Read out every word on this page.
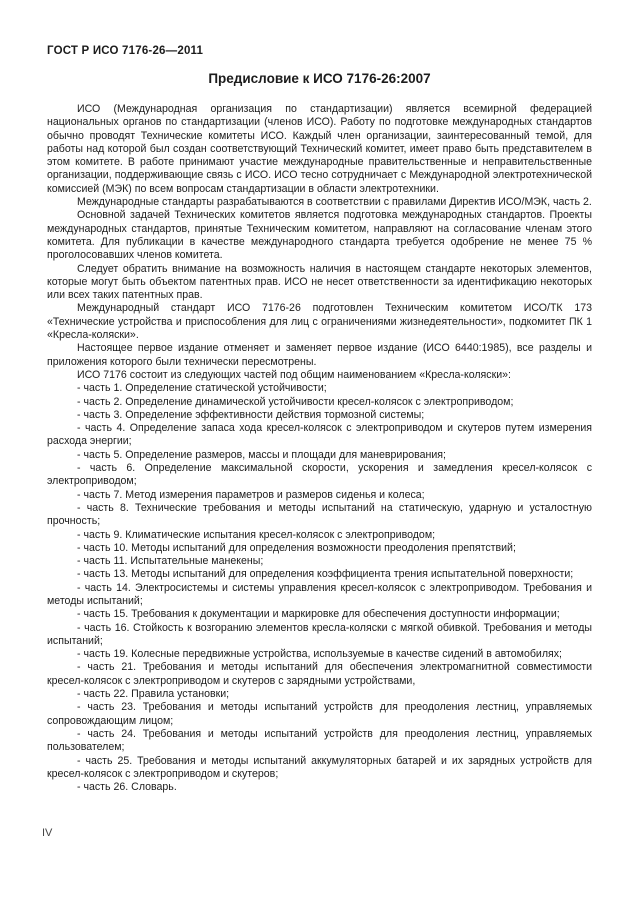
ГОСТ Р ИСО 7176-26—2011
Предисловие к ИСО 7176-26:2007

ИСО (Международная организация по стандартизации) является всемирной федерацией национальных органов по стандартизации (членов ИСО). Работу по подготовке международных стандартов обычно проводят Технические комитеты ИСО. Каждый член организации, заинтересованный темой, для работы над которой был создан соответствующий Технический комитет, имеет право быть представителем в этом комитете. В работе принимают участие международные правительственные и неправительственные организации, поддерживающие связь с ИСО. ИСО тесно сотрудничает с Международной электротехнической комиссией (МЭК) по всем вопросам стандартизации в области электротехники.

Международные стандарты разрабатываются в соответствии с правилами Директив ИСО/МЭК, часть 2.

Основной задачей Технических комитетов является подготовка международных стандартов. Проекты международных стандартов, принятые Техническим комитетом, направляют на согласование членам этого комитета. Для публикации в качестве международного стандарта требуется одобрение не менее 75 % проголосовавших членов комитета.

Следует обратить внимание на возможность наличия в настоящем стандарте некоторых элементов, которые могут быть объектом патентных прав. ИСО не несет ответственности за идентификацию некоторых или всех таких патентных прав.

Международный стандарт ИСО 7176-26 подготовлен Техническим комитетом ИСО/ТК 173 «Технические устройства и приспособления для лиц с ограничениями жизнедеятельности», подкомитет ПК 1 «Кресла-коляски».

Настоящее первое издание отменяет и заменяет первое издание (ИСО 6440:1985), все разделы и приложения которого были технически пересмотрены.

ИСО 7176 состоит из следующих частей под общим наименованием «Кресла-коляски»:

- часть 1. Определение статической устойчивости;

- часть 2. Определение динамической устойчивости кресел-колясок с электроприводом;

- часть 3. Определение эффективности действия тормозной системы;

- часть 4. Определение запаса хода кресел-колясок с электроприводом и скутеров путем измерения расхода энергии;

- часть 5. Определение размеров, массы и площади для маневрирования;

- часть 6. Определение максимальной скорости, ускорения и замедления кресел-колясок с электроприводом;

- часть 7. Метод измерения параметров и размеров сиденья и колеса;

- часть 8. Технические требования и методы испытаний на статическую, ударную и усталостную прочность;

- часть 9. Климатические испытания кресел-колясок с электроприводом;

- часть 10. Методы испытаний для определения возможности преодоления препятствий;

- часть 11. Испытательные манекены;

- часть 13. Методы испытаний для определения коэффициента трения испытательной поверхности;

- часть 14. Электросистемы и системы управления кресел-колясок с электроприводом. Требования и методы испытаний;

- часть 15. Требования к документации и маркировке для обеспечения доступности информации;

- часть 16. Стойкость к возгоранию элементов кресла-коляски с мягкой обивкой. Требования и методы испытаний;

- часть 19. Колесные передвижные устройства, используемые в качестве сидений в автомобилях;

- часть 21. Требования и методы испытаний для обеспечения электромагнитной совместимости кресел-колясок с электроприводом и скутеров с зарядными устройствами,

- часть 22. Правила установки;

- часть 23. Требования и методы испытаний устройств для преодоления лестниц, управляемых сопровождающим лицом;

- часть 24. Требования и методы испытаний устройств для преодоления лестниц, управляемых пользователем;

- часть 25. Требования и методы испытаний аккумуляторных батарей и их зарядных устройств для кресел-колясок с электроприводом и скутеров;

- часть 26. Словарь.

IV
